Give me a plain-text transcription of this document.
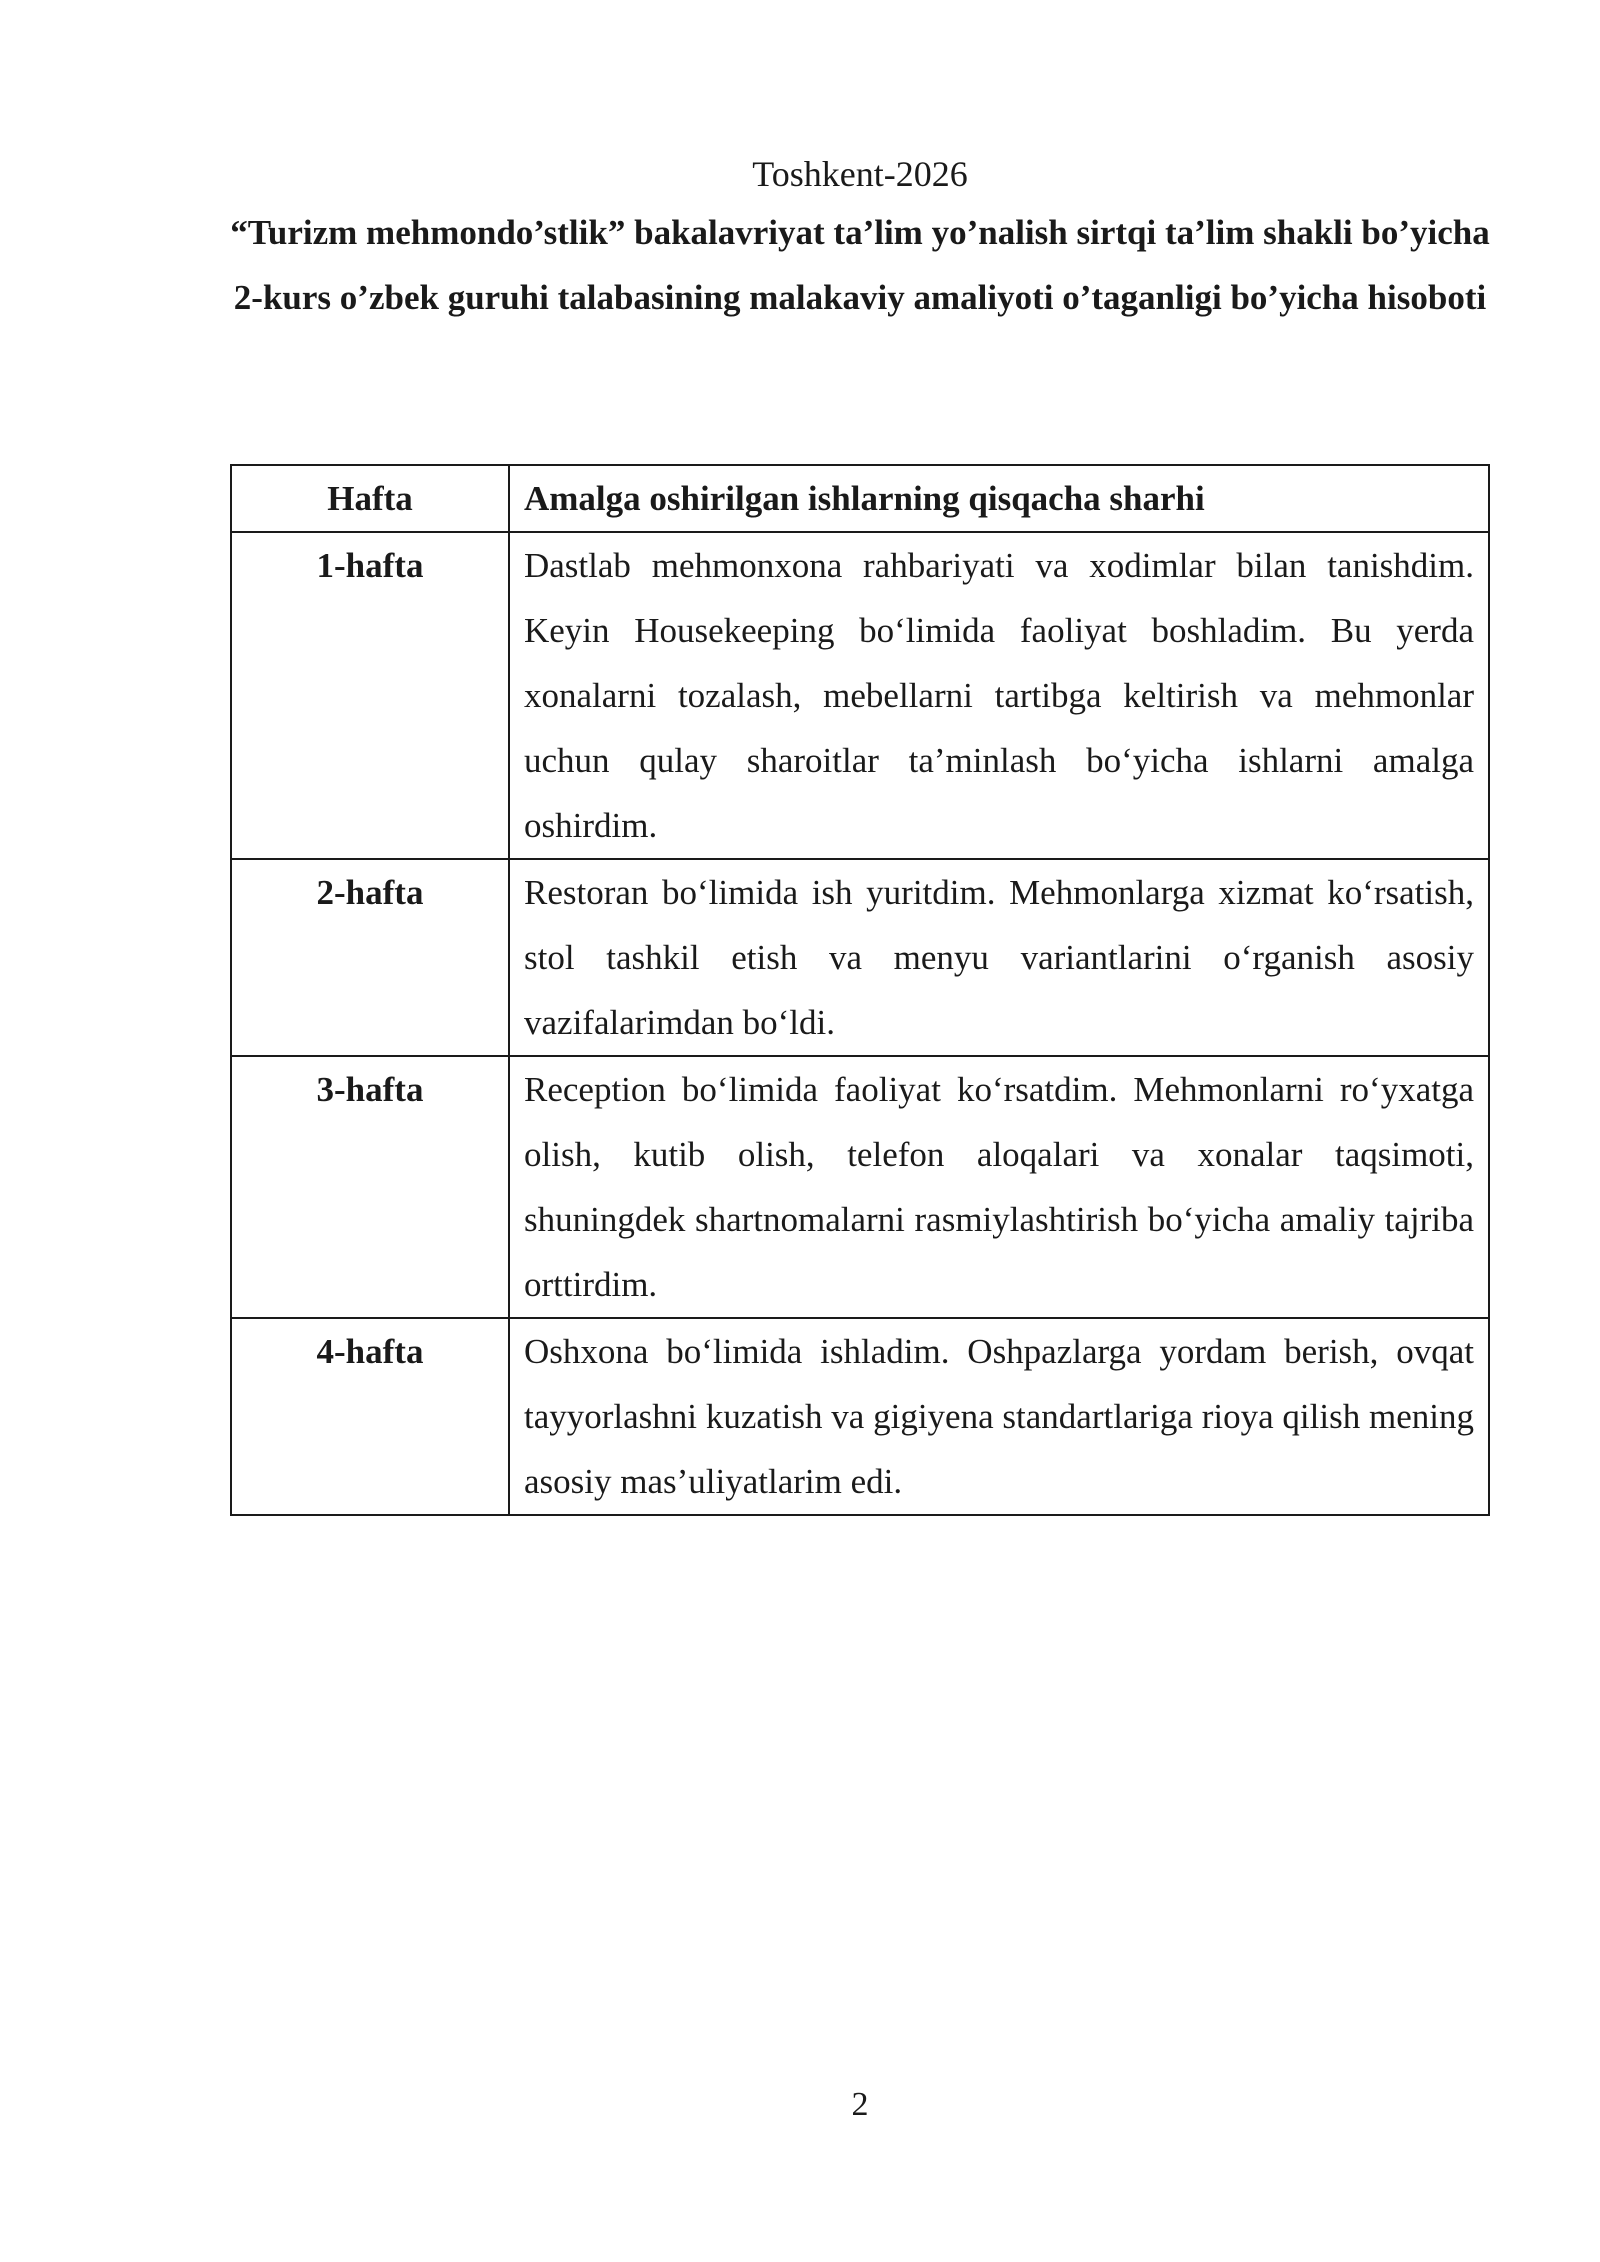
Toshkent-2026
“Turizm mehmondo’stlik” bakalavriyat ta’lim yo’nalish sirtqi ta’lim shakli bo’yicha 2-kurs o’zbek guruhi talabasining malakaviy amaliyoti o’taganligi bo’yicha hisoboti
Hafta	Amalga oshirilgan ishlarning qisqacha sharhi
1-hafta	Dastlab mehmonxona rahbariyati va xodimlar bilan tanishdim. Keyin Housekeeping bo‘limida faoliyat boshladim. Bu yerda xonalarni tozalash, mebellarni tartibga keltirish va mehmonlar uchun qulay sharoitlar ta’minlash bo‘yicha ishlarni amalga oshirdim.
2-hafta	Restoran bo‘limida ish yuritdim. Mehmonlarga xizmat ko‘rsatish, stol tashkil etish va menyu variantlarini o‘rganish asosiy vazifalarimdan bo‘ldi.
3-hafta	Reception bo‘limida faoliyat ko‘rsatdim. Mehmonlarni ro‘yxatga olish, kutib olish, telefon aloqalari va xonalar taqsimoti, shuningdek shartnomalarni rasmiylashtirish bo‘yicha amaliy tajriba orttirdim.
4-hafta	Oshxona bo‘limida ishladim. Oshpazlarga yordam berish, ovqat tayyorlashni kuzatish va gigiyena standartlariga rioya qilish mening asosiy mas’uliyatlarim edi.
2
